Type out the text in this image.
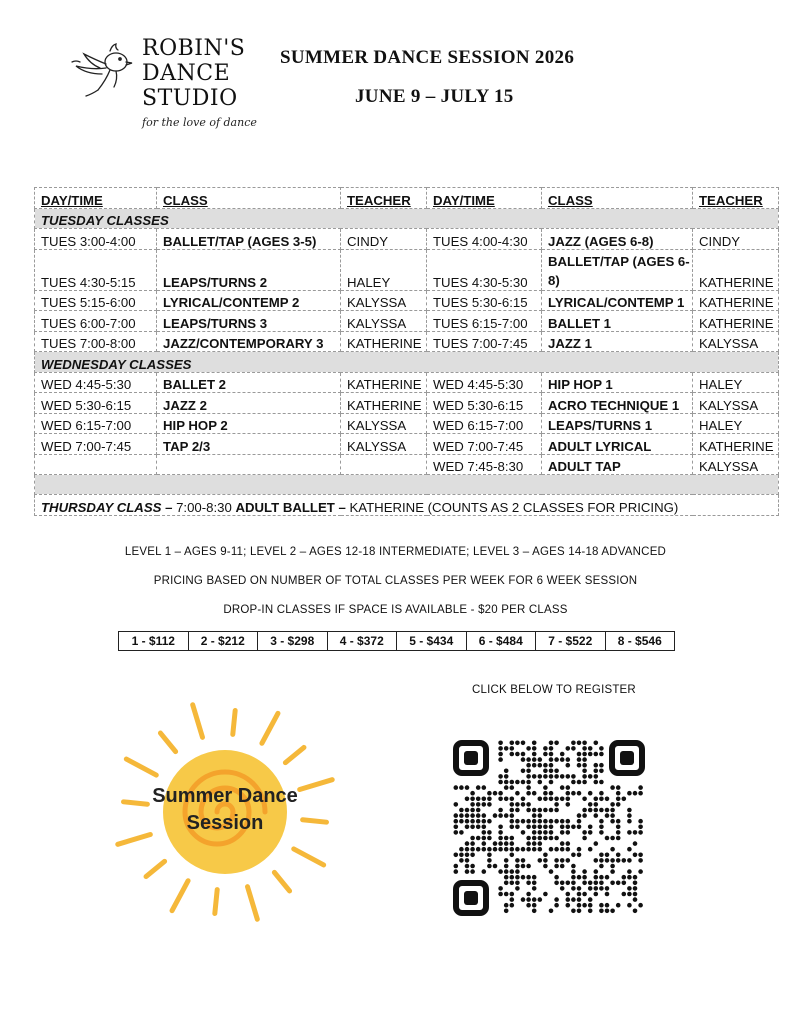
ROBIN'S
DANCE
STUDIO
for the love of dance
SUMMER DANCE SESSION 2026
JUNE 9 – JULY 15
DAY/TIME	CLASS	TEACHER	DAY/TIME	CLASS	TEACHER
TUESDAY CLASSES					
TUES 3:00-4:00	BALLET/TAP (AGES 3-5)	CINDY	TUES 4:00-4:30	JAZZ (AGES 6-8)	CINDY
TUES 4:30-5:15	LEAPS/TURNS 2	HALEY	TUES 4:30-5:30	BALLET/TAP (AGES 6-8)	KATHERINE
TUES 5:15-6:00	LYRICAL/CONTEMP 2	KALYSSA	TUES 5:30-6:15	LYRICAL/CONTEMP 1	KATHERINE
TUES 6:00-7:00	LEAPS/TURNS 3	KALYSSA	TUES 6:15-7:00	BALLET 1	KATHERINE
TUES 7:00-8:00	JAZZ/CONTEMPORARY 3	KATHERINE	TUES 7:00-7:45	JAZZ 1	KALYSSA
WEDNESDAY CLASSES					
WED 4:45-5:30	BALLET 2	KATHERINE	WED 4:45-5:30	HIP HOP 1	HALEY
WED 5:30-6:15	JAZZ 2	KATHERINE	WED 5:30-6:15	ACRO TECHNIQUE 1	KALYSSA
WED 6:15-7:00	HIP HOP 2	KALYSSA	WED 6:15-7:00	LEAPS/TURNS 1	HALEY
WED 7:00-7:45	TAP 2/3	KALYSSA	WED 7:00-7:45	ADULT LYRICAL	KATHERINE
			WED 7:45-8:30	ADULT TAP	KALYSSA

THURSDAY CLASS – 7:00-8:30 ADULT BALLET – KATHERINE (COUNTS AS 2 CLASSES FOR PRICING)					
LEVEL 1 – AGES 9-11; LEVEL 2 – AGES 12-18 INTERMEDIATE; LEVEL 3 – AGES 14-18 ADVANCED
PRICING BASED ON NUMBER OF TOTAL CLASSES PER WEEK FOR 6 WEEK SESSION
DROP-IN CLASSES IF SPACE IS AVAILABLE - $20 PER CLASS
1 - $112	2 - $212	3 - $298	4 - $372	5 - $434	6 - $484	7 - $522	8 - $546
CLICK BELOW TO REGISTER
Summer Dance
Session
